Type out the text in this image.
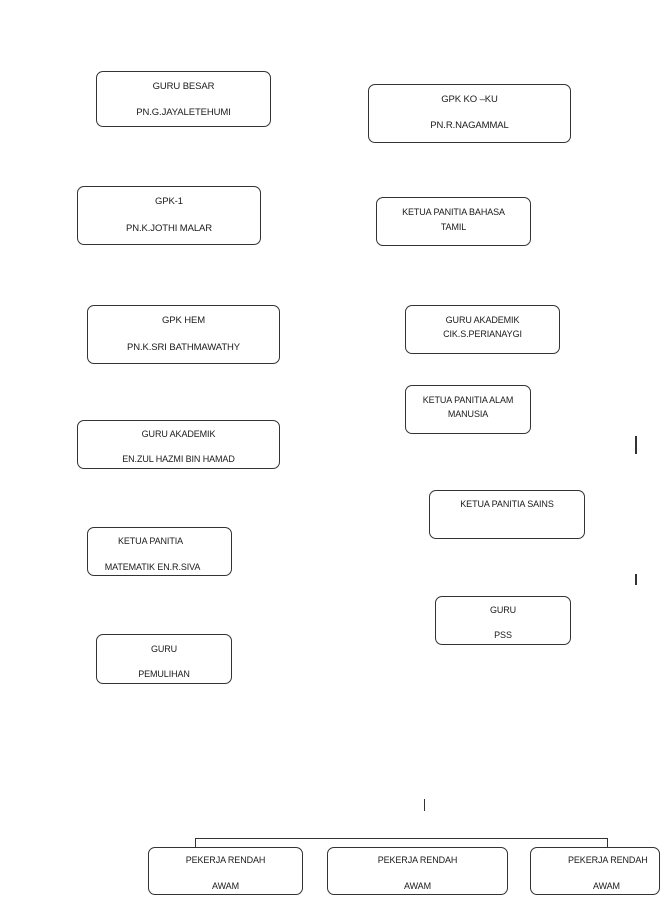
GURU BESAR
PN.G.JAYALETEHUMI
GPK KO –KU
PN.R.NAGAMMAL
GPK-1
PN.K.JOTHI MALAR
KETUA PANITIA BAHASA
TAMIL
GPK HEM
PN.K.SRI BATHMAWATHY
GURU AKADEMIK
CIK.S.PERIANAYGI
KETUA PANITIA ALAM
MANUSIA
GURU AKADEMIK
EN.ZUL HAZMI BIN HAMAD
KETUA PANITIA SAINS
KETUA PANITIA
MATEMATIK EN.R.SIVA
GURU
PSS
GURU
PEMULIHAN
PEKERJA RENDAH
AWAM
PEKERJA RENDAH
AWAM
PEKERJA RENDAH
AWAM
